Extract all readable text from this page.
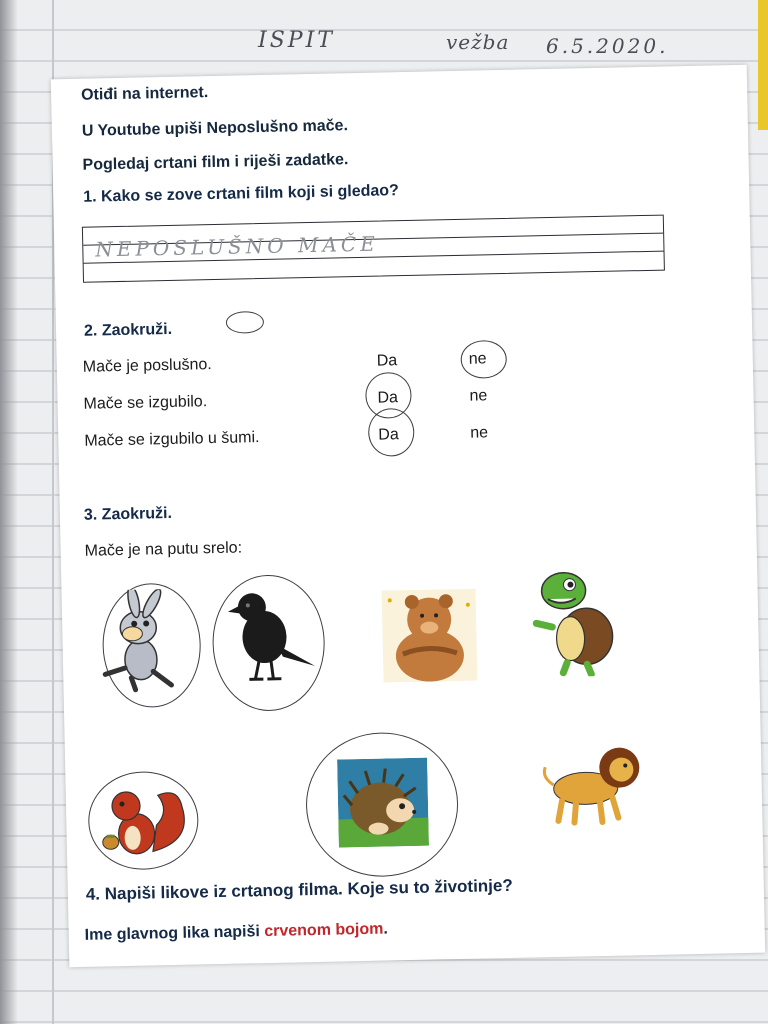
ISPIT	vežba 6.5.2020.
Otiđi na internet.
U Youtube upiši Neposlušno mače.
Pogledaj crtani film i riješi zadatke.
1. Kako se zove crtani film koji si gledao?
NEPOSLUŠNO MAČE
2. Zaokruži.
Mače je poslušno.	Da	ne
Mače se izgubilo.	Da	ne
Mače se izgubilo u šumi.	Da	ne
3. Zaokruži.
Mače je na putu srelo:
4. Napiši likove iz crtanog filma. Koje su to životinje?
Ime glavnog lika napiši crvenom bojom.
